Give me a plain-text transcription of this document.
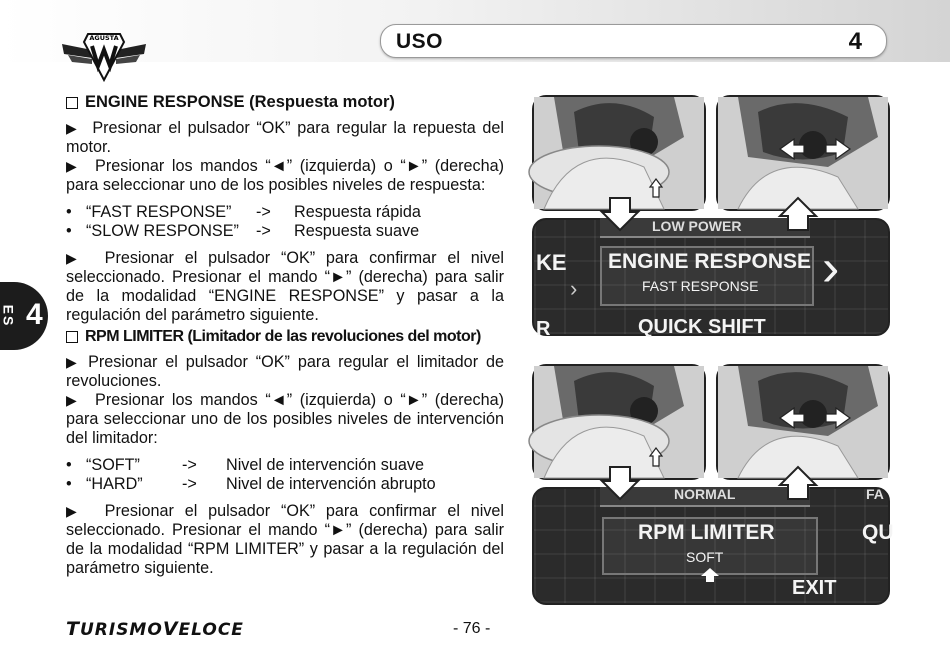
AGUSTA	USO	4
ES 4
ENGINE RESPONSE (Respuesta motor)
▶ Presionar el pulsador “OK” para regular la repuesta del motor.
▶ Presionar los mandos “◄” (izquierda) o “►” (derecha) para seleccionar uno de los posibles niveles de respuesta:
• “FAST RESPONSE”	->	Respuesta rápida
• “SLOW RESPONSE”	->	Respuesta suave
▶ Presionar el pulsador “OK” para confirmar el nivel seleccionado. Presionar el mando “►” (derecha) para salir de la modalidad “ENGINE RESPONSE” y pasar a la regulación del parámetro siguiente.
RPM LIMITER (Limitador de las revoluciones del motor)
▶ Presionar el pulsador “OK” para regular el limitador de revoluciones.
▶ Presionar los mandos “◄” (izquierda) o “►” (derecha) para seleccionar uno de los posibles niveles de intervención del limitador:
• “SOFT”	->	Nivel de intervención suave
• “HARD”	->	Nivel de intervención abrupto
▶ Presionar el pulsador “OK” para confirmar el nivel seleccionado. Presionar el mando “►” (derecha) para salir de la modalidad “RPM LIMITER” y pasar a la regulación del parámetro siguiente.
LOW POWER
KE
›
ENGINE RESPONSE
FAST RESPONSE ›
QUICK SHIFT
R
NORMAL	FA
RPM LIMITER	QU
SOFT
EXIT
TURISMOVELOCE	- 76 -
